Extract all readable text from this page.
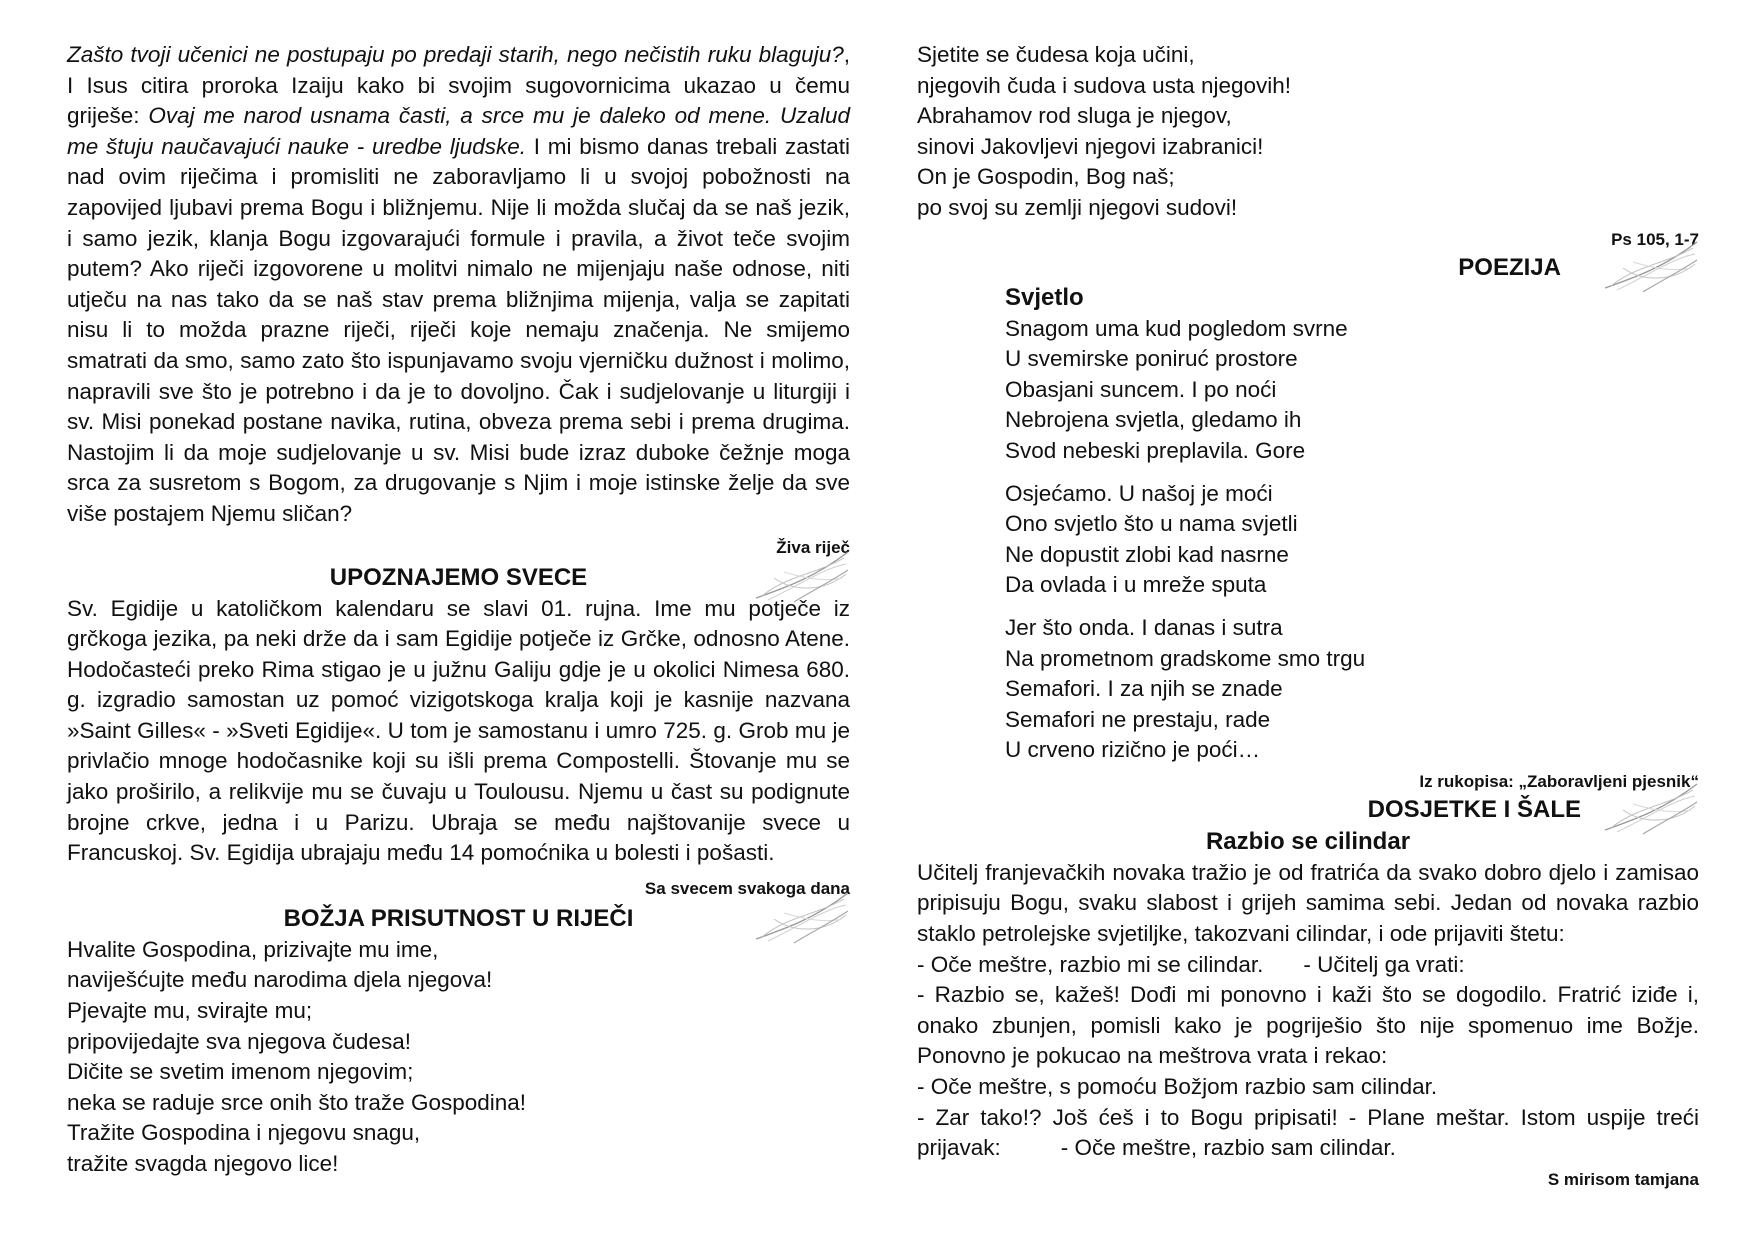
Zašto tvoji učenici ne postupaju po predaji starih, nego nečistih ruku blaguju?, I Isus citira proroka Izaiju kako bi svojim sugovornicima ukazao u čemu griješe: Ovaj me narod usnama časti, a srce mu je daleko od mene. Uzalud me štuju naučavajući nauke - uredbe ljudske. I mi bismo danas trebali zastati nad ovim riječima i promisliti ne zaboravljamo li u svojoj pobožnosti na zapovijed ljubavi prema Bogu i bližnjemu. Nije li možda slučaj da se naš jezik, i samo jezik, klanja Bogu izgovarajući formule i pravila, a život teče svojim putem? Ako riječi izgovorene u molitvi nimalo ne mijenjaju naše odnose, niti utječu na nas tako da se naš stav prema bližnjima mijenja, valja se zapitati nisu li to možda prazne riječi, riječi koje nemaju značenja. Ne smijemo smatrati da smo, samo zato što ispunjavamo svoju vjerničku dužnost i molimo, napravili sve što je potrebno i da je to dovoljno. Čak i sudjelovanje u liturgiji i sv. Misi ponekad postane navika, rutina, obveza prema sebi i prema drugima. Nastojim li da moje sudjelovanje u sv. Misi bude izraz duboke čežnje moga srca za susretom s Bogom, za drugovanje s Njim i moje istinske želje da sve više postajem Njemu sličan?
Živa riječ
UPOZNAJEMO SVECE
Sv. Egidije u katoličkom kalendaru se slavi 01. rujna. Ime mu potječe iz grčkoga jezika, pa neki drže da i sam Egidije potječe iz Grčke, odnosno Atene. Hodočasteći preko Rima stigao je u južnu Galiju gdje je u okolici Nimesa 680. g. izgradio samostan uz pomoć vizigotskoga kralja koji je kasnije nazvana »Saint Gilles« - »Sveti Egidije«. U tom je samostanu i umro 725. g. Grob mu je privlačio mnoge hodočasnike koji su išli prema Compostelli. Štovanje mu se jako proširilo, a relikvije mu se čuvaju u Toulousu. Njemu u čast su podignute brojne crkve, jedna i u Parizu. Ubraja se među najštovanije svece u Francuskoj. Sv. Egidija ubrajaju među 14 pomoćnika u bolesti i pošasti.
Sa svecem svakoga dana
BOŽJA PRISUTNOST U RIJEČI
Hvalite Gospodina, prizivajte mu ime,
naviješćujte među narodima djela njegova!
Pjevajte mu, svirajte mu;
pripovijedajte sva njegova čudesa!
Dičite se svetim imenom njegovim;
neka se raduje srce onih što traže Gospodina!
Tražite Gospodina i njegovu snagu,
tražite svagda njegovo lice!
Sjetite se čudesa koja učini,
njegovih čuda i sudova usta njegovih!
Abrahamov rod sluga je njegov,
sinovi Jakovljevi njegovi izabranici!
On je Gospodin, Bog naš;
po svoj su zemlji njegovi sudovi!
Ps 105, 1-7
POEZIJA
Svjetlo
Snagom uma kud pogledom svrne
U svemirske poniruć prostore
Obasjani suncem. I po noći
Nebrojena svjetla, gledamo ih
Svod nebeski preplavila. Gore
Osjećamo. U našoj je moći
Ono svjetlo što u nama svjetli
Ne dopustit zlobi kad nasrne
Da ovlada i u mreže sputa
Jer što onda. I danas i sutra
Na prometnom gradskome smo trgu
Semafori. I za njih se znade
Semafori ne prestaju, rade
U crveno rizično je poći…
Iz rukopisa: „Zaboravljeni pjesnik“
DOSJETKE I ŠALE
Razbio se cilindar
Učitelj franjevačkih novaka tražio je od fratrića da svako dobro djelo i zamisao pripisuju Bogu, svaku slabost i grijeh samima sebi. Jedan od novaka razbio staklo petrolejske svjetiljke, takozvani cilindar, i ode prijaviti štetu:
- Oče meštre, razbio mi se cilindar. - Učitelj ga vrati:
- Razbio se, kažeš! Dođi mi ponovno i kaži što se dogodilo. Fratrić iziđe i, onako zbunjen, pomisli kako je pogriješio što nije spomenuo ime Božje. Ponovno je pokucao na meštrova vrata i rekao:
- Oče meštre, s pomoću Božjom razbio sam cilindar.
- Zar tako!? Još ćeš i to Bogu pripisati! - Plane meštar. Istom uspije treći prijavak:	- Oče meštre, razbio sam cilindar.
S mirisom tamjana
